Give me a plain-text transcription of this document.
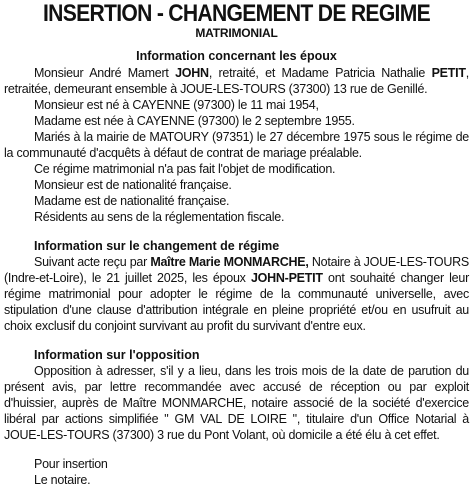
INSERTION - CHANGEMENT DE REGIME
MATRIMONIAL
Information concernant les époux

Monsieur André Mamert JOHN, retraité, et Madame Patricia Nathalie PETIT, retraitée, demeurant ensemble à JOUE-LES-TOURS (37300) 13 rue de Genillé.

Monsieur est né à CAYENNE (97300) le 11 mai 1954,

Madame est née à CAYENNE (97300) le 2 septembre 1955.

Mariés à la mairie de MATOURY (97351) le 27 décembre 1975 sous le régime de la communauté d'acquêts à défaut de contrat de mariage préalable.

Ce régime matrimonial n'a pas fait l'objet de modification.

Monsieur est de nationalité française.

Madame est de nationalité française.

Résidents au sens de la réglementation fiscale.

Information sur le changement de régime

Suivant acte reçu par Maître Marie MONMARCHE, Notaire à JOUE-LES-TOURS (Indre-et-Loire), le 21 juillet 2025, les époux JOHN-PETIT ont souhaité changer leur régime matrimonial pour adopter le régime de la communauté universelle, avec stipulation d'une clause d'attribution intégrale en pleine propriété et/ou en usufruit au choix exclusif du conjoint survivant au profit du survivant d'entre eux.

Information sur l'opposition

Opposition à adresser, s'il y a lieu, dans les trois mois de la date de parution du présent avis, par lettre recommandée avec accusé de réception ou par exploit d'huissier, auprès de Maître MONMARCHE, notaire associé de la société d'exercice libéral par actions simplifiée " GM VAL DE LOIRE ", titulaire d'un Office Notarial à JOUE-LES-TOURS (37300) 3 rue du Pont Volant, où domicile a été élu à cet effet.

Pour insertion

Le notaire.
